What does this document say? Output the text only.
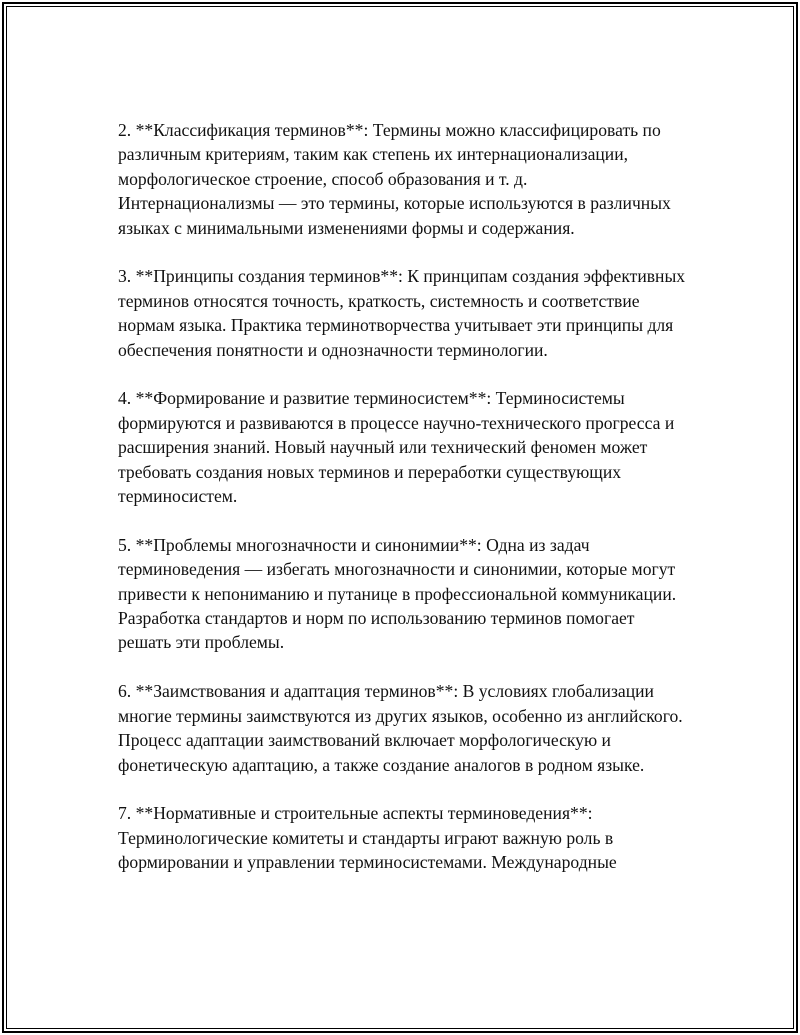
2. **Классификация терминов**: Термины можно классифицировать по различным критериям, таким как степень их интернационализации, морфологическое строение, способ образования и т. д. Интернационализмы — это термины, которые используются в различных языках с минимальными изменениями формы и содержания.

3. **Принципы создания терминов**: К принципам создания эффективных терминов относятся точность, краткость, системность и соответствие нормам языка. Практика терминотворчества учитывает эти принципы для обеспечения понятности и однозначности терминологии.

4. **Формирование и развитие терминосистем**: Терминосистемы формируются и развиваются в процессе научно-технического прогресса и расширения знаний. Новый научный или технический феномен может требовать создания новых терминов и переработки существующих терминосистем.

5. **Проблемы многозначности и синонимии**: Одна из задач терминоведения — избегать многозначности и синонимии, которые могут привести к непониманию и путанице в профессиональной коммуникации. Разработка стандартов и норм по использованию терминов помогает решать эти проблемы.

6. **Заимствования и адаптация терминов**: В условиях глобализации многие термины заимствуются из других языков, особенно из английского. Процесс адаптации заимствований включает морфологическую и фонетическую адаптацию, а также создание аналогов в родном языке.

7. **Нормативные и строительные аспекты терминоведения**: Терминологические комитеты и стандарты играют важную роль в формировании и управлении терминосистемами. Международные
